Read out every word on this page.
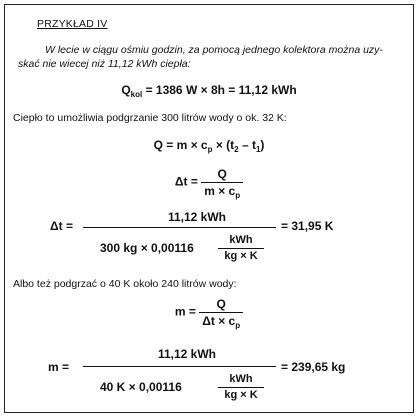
PRZYKŁAD IV
W lecie w ciągu ośmiu godzin, za pomocą jednego kolektora można uzy-
skać nie wiecej niż 11,12 kWh ciepła:
$Q_{kol} = 1386$ W × 8h = 11,12 kWh
Ciepło to umożliwia podgrzanie 300 litrów wody o ok. 32 K:
$Q = m \times c_p \times (t_2 - t_1)$
$\Delta t = \frac{Q}{m \times c_p}$
Δt =
11,12 kWh
300 kg × 0,00116
kWh
kg × K
= 31,95 K
Albo też podgrzać o 40 K około 240 litrów wody:
$m = \frac{Q}{\Delta t \times c_p}$
m =
11,12 kWh
40 K × 0,00116
kWh
kg × K
= 239,65 kg
